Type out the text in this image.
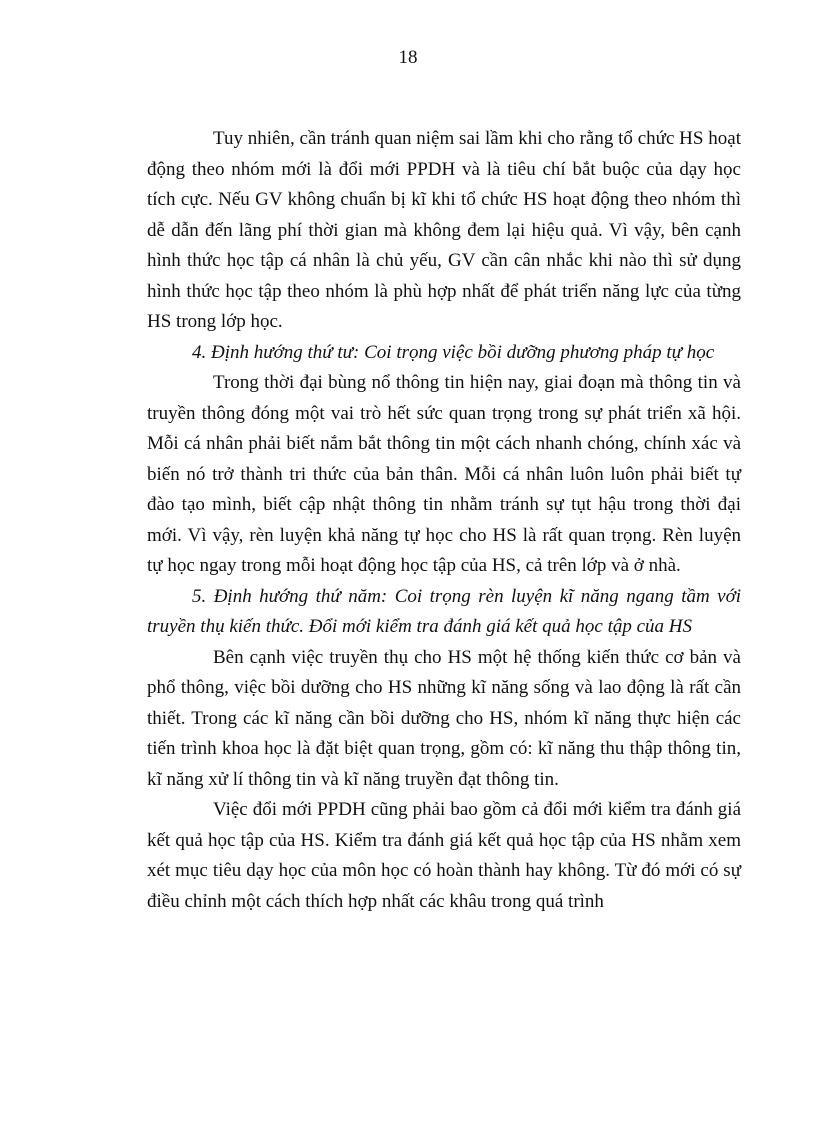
18

Tuy nhiên, cần tránh quan niệm sai lầm khi cho rằng tổ chức HS hoạt động theo nhóm mới là đổi mới PPDH và là tiêu chí bắt buộc của dạy học tích cực. Nếu GV không chuẩn bị kĩ khi tổ chức HS hoạt động theo nhóm thì dễ dẫn đến lãng phí thời gian mà không đem lại hiệu quả. Vì vậy, bên cạnh hình thức học tập cá nhân là chủ yếu, GV cần cân nhắc khi nào thì sử dụng hình thức học tập theo nhóm là phù hợp nhất để phát triển năng lực của từng HS trong lớp học.

4. Định hướng thứ tư: Coi trọng việc bồi dưỡng phương pháp tự học

Trong thời đại bùng nổ thông tin hiện nay, giai đoạn mà thông tin và truyền thông đóng một vai trò hết sức quan trọng trong sự phát triển xã hội. Mỗi cá nhân phải biết nắm bắt thông tin một cách nhanh chóng, chính xác và biến nó trở thành tri thức của bản thân. Mỗi cá nhân luôn luôn phải biết tự đào tạo mình, biết cập nhật thông tin nhằm tránh sự tụt hậu trong thời đại mới. Vì vậy, rèn luyện khả năng tự học cho HS là rất quan trọng. Rèn luyện tự học ngay trong mỗi hoạt động học tập của HS, cả trên lớp và ở nhà.

5. Định hướng thứ năm: Coi trọng rèn luyện kĩ năng ngang tầm với truyền thụ kiến thức. Đổi mới kiểm tra đánh giá kết quả học tập của HS

Bên cạnh việc truyền thụ cho HS một hệ thống kiến thức cơ bản và phổ thông, việc bồi dưỡng cho HS những kĩ năng sống và lao động là rất cần thiết. Trong các kĩ năng cần bồi dưỡng cho HS, nhóm kĩ năng thực hiện các tiến trình khoa học là đặt biệt quan trọng, gồm có: kĩ năng thu thập thông tin, kĩ năng xử lí thông tin và kĩ năng truyền đạt thông tin.

Việc đổi mới PPDH cũng phải bao gồm cả đổi mới kiểm tra đánh giá kết quả học tập của HS. Kiểm tra đánh giá kết quả học tập của HS nhằm xem xét mục tiêu dạy học của môn học có hoàn thành hay không. Từ đó mới có sự điều chỉnh một cách thích hợp nhất các khâu trong quá trình
